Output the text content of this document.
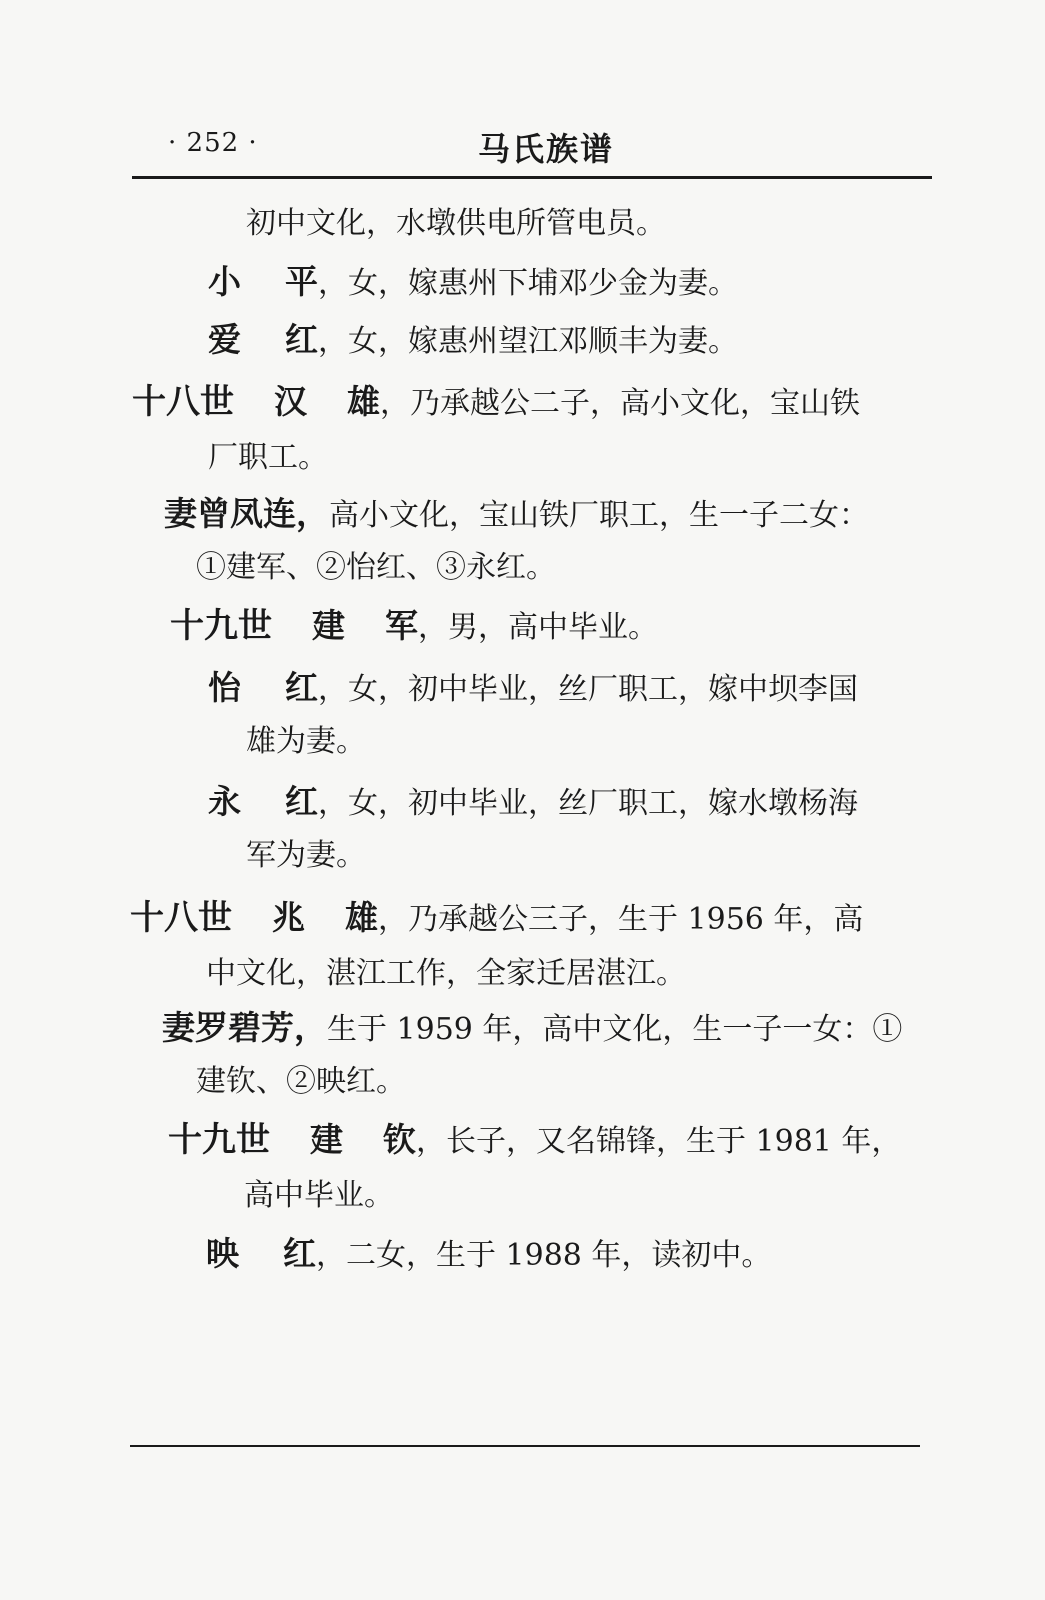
· 252 ·	马氏族谱
初中文化，水墩供电所管电员。
小 平，女，嫁惠州下埔邓少金为妻。
爱 红，女，嫁惠州望江邓顺丰为妻。
十八世 汉 雄，乃承越公二子，高小文化，宝山铁
厂职工。
妻曾凤连，高小文化，宝山铁厂职工，生一子二女：
①建军、②怡红、③永红。
十九世 建 军，男，高中毕业。
怡 红，女，初中毕业，丝厂职工，嫁中坝李国
雄为妻。
永 红，女，初中毕业，丝厂职工，嫁水墩杨海
军为妻。
十八世 兆 雄，乃承越公三子，生于 1956 年，高
中文化，湛江工作，全家迁居湛江。
妻罗碧芳，生于 1959 年，高中文化，生一子一女：①
建钦、②映红。
十九世 建 钦，长子，又名锦锋，生于 1981 年，
高中毕业。
映 红，二女，生于 1988 年，读初中。
